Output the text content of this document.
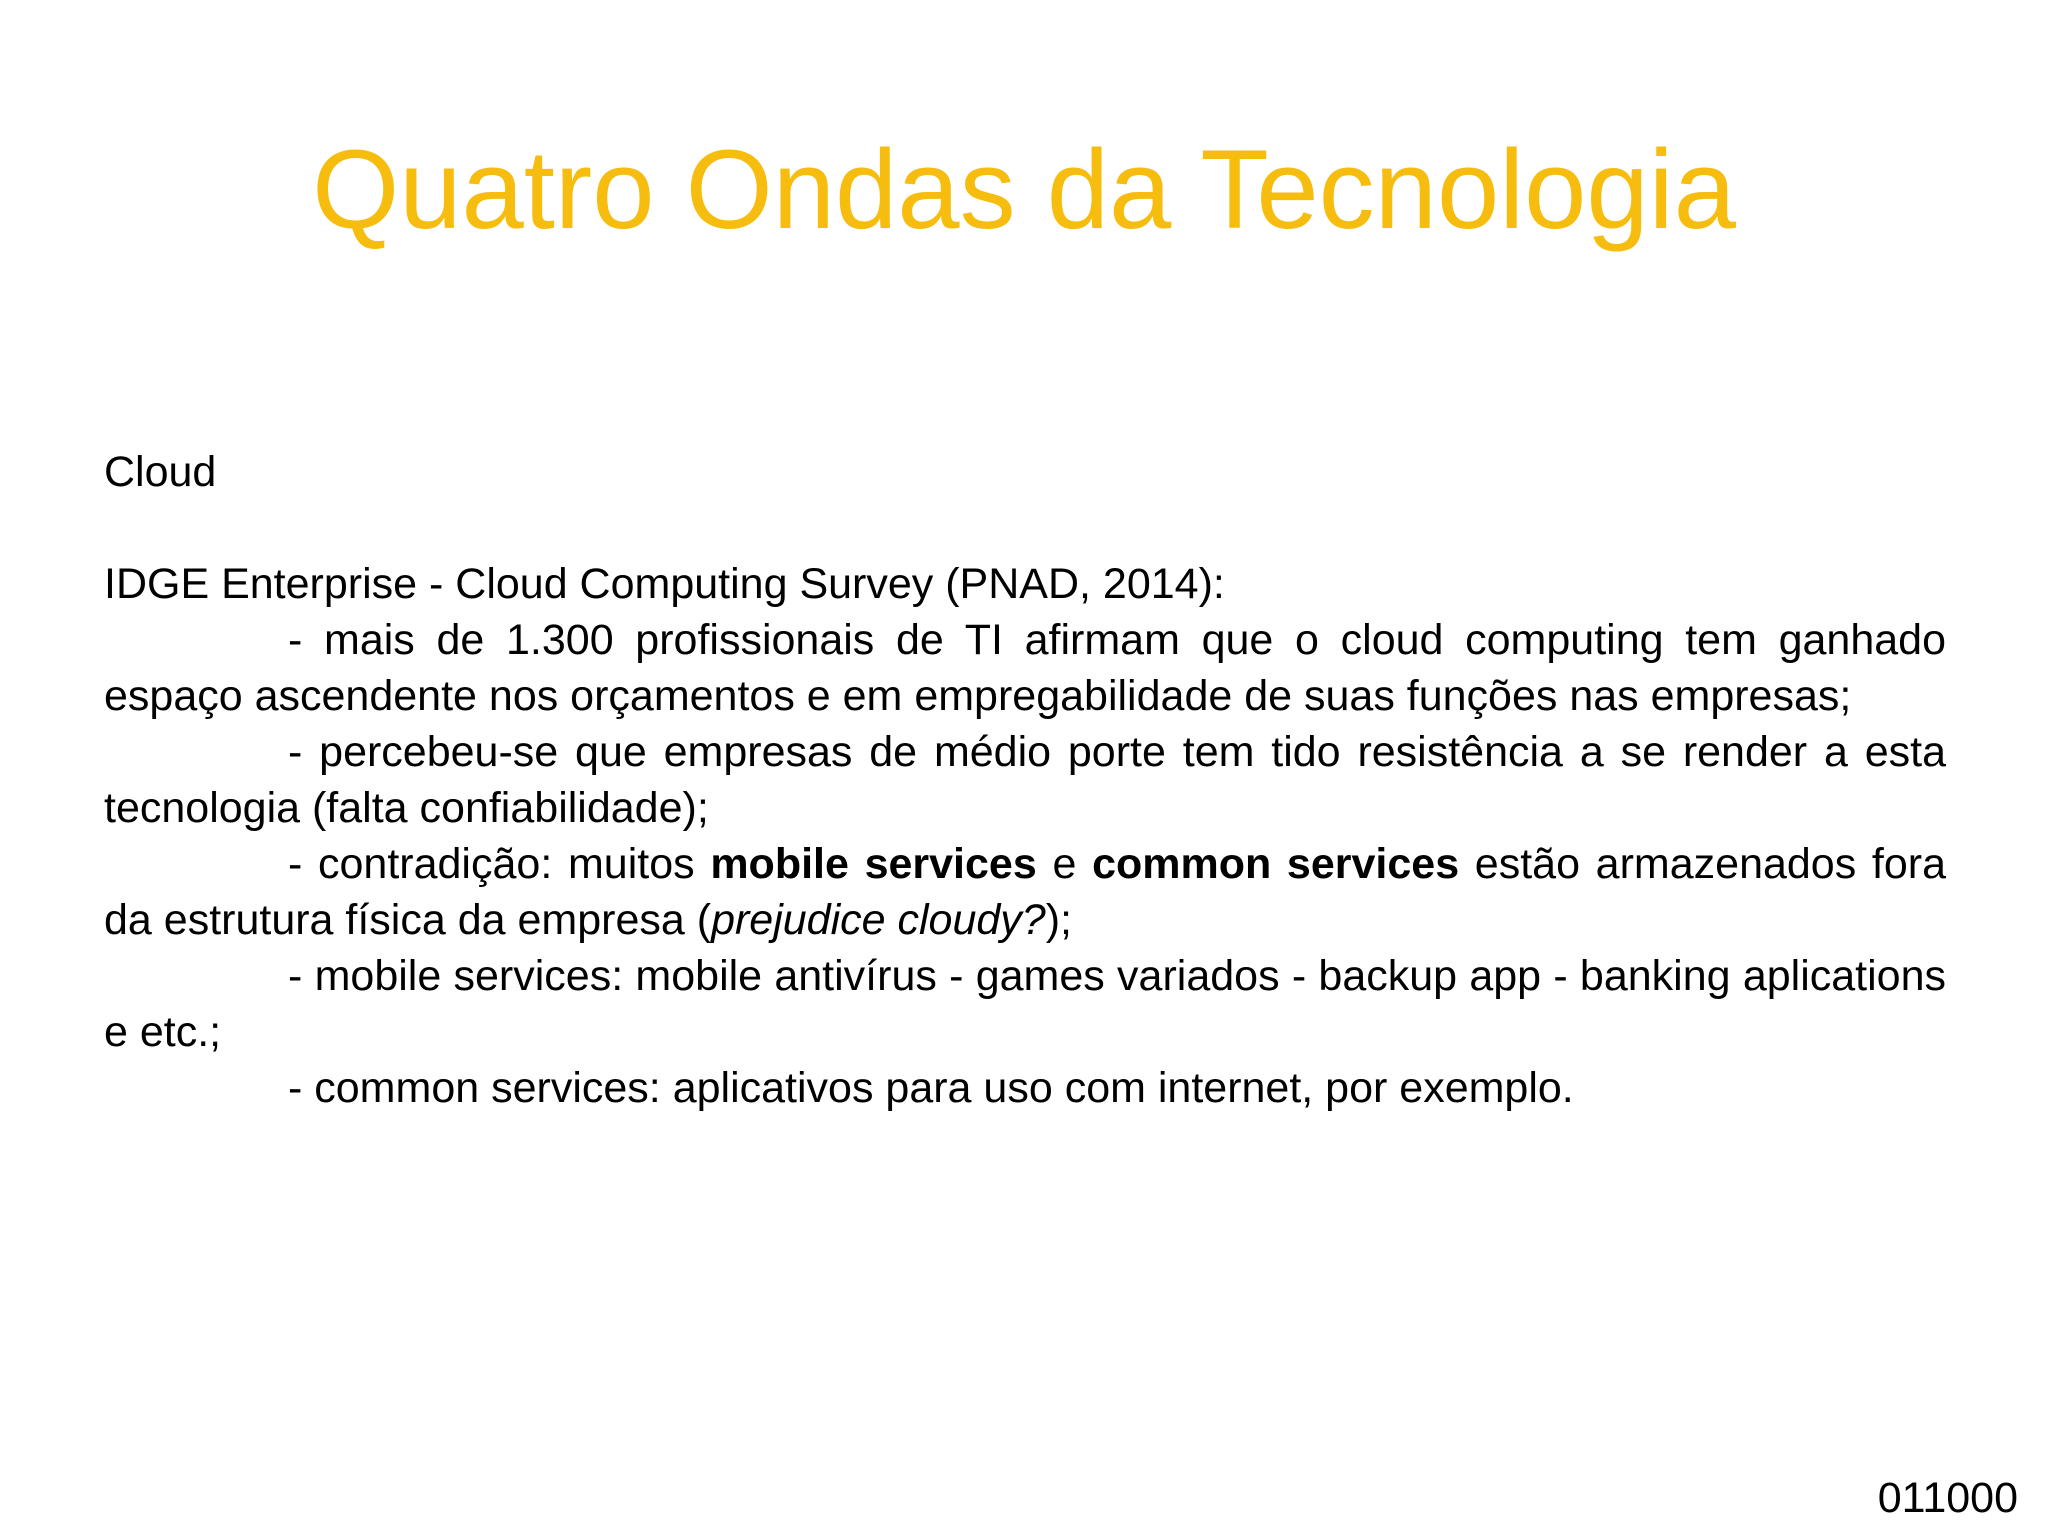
Quatro Ondas da Tecnologia

Cloud

IDGE Enterprise - Cloud Computing Survey (PNAD, 2014):

- mais de 1.300 profissionais de TI afirmam que o cloud computing tem ganhado espaço ascendente nos orçamentos e em empregabilidade de suas funções nas empresas;

- percebeu-se que empresas de médio porte tem tido resistência a se render a esta tecnologia (falta confiabilidade);

- contradição: muitos mobile services e common services estão armazenados fora da estrutura física da empresa (prejudice cloudy?);

- mobile services: mobile antivírus - games variados - backup app - banking aplications e etc.;

- common services: aplicativos para uso com internet, por exemplo.

011000
